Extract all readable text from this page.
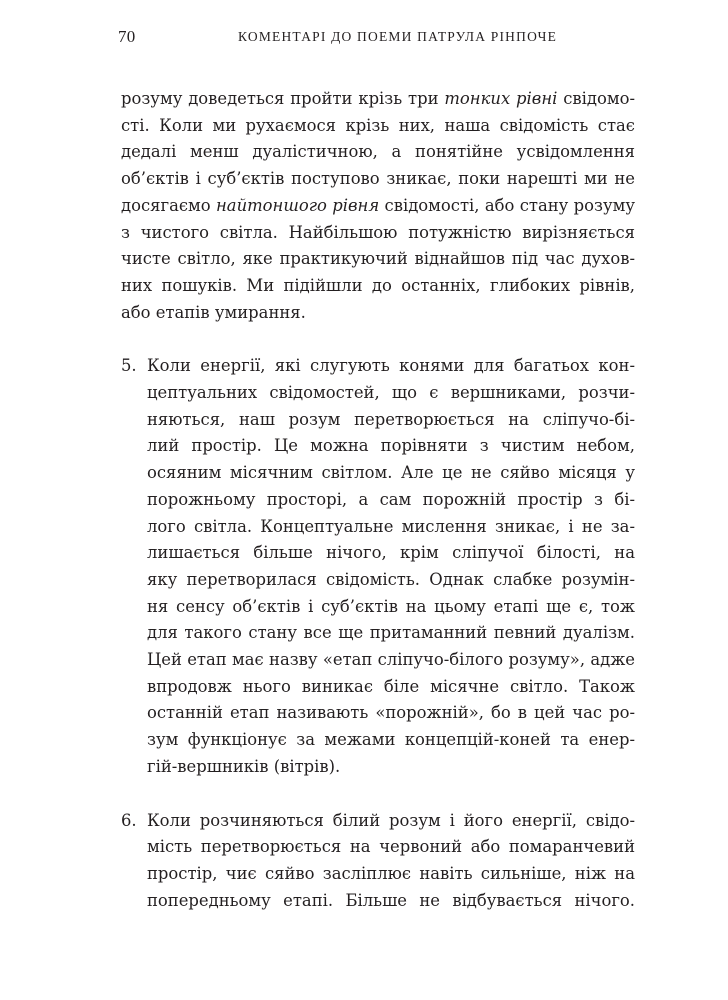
70	КОМЕНТАРІ ДО ПОЕМИ ПАТРУЛА РІНПОЧЕ
розуму доведеться пройти крізь три тонких рівні свідомо-
сті. Коли ми рухаємося крізь них, наша свідомість стає
дедалі менш дуалістичною, а понятійне усвідомлення
об’єктів і суб’єктів поступово зникає, поки нарешті ми не
досягаємо найтоншого рівня свідомості, або стану розуму
з чистого світла. Найбільшою потужністю вирізняється
чисте світло, яке практикуючий віднайшов під час духов-
них пошуків. Ми підійшли до останніх, глибоких рівнів,
або етапів умирання.
5. Коли енергії, які слугують конями для багатьох кон-
цептуальних свідомостей, що є вершниками, розчи-
няються, наш розум перетворюється на сліпучо-бі-
лий простір. Це можна порівняти з чистим небом,
осяяним місячним світлом. Але це не сяйво місяця у
порожньому просторі, а сам порожній простір з бі-
лого світла. Концептуальне мислення зникає, і не за-
лишається більше нічого, крім сліпучої білості, на
яку перетворилася свідомість. Однак слабке розумін-
ня сенсу об’єктів і суб’єктів на цьому етапі ще є, тож
для такого стану все ще притаманний певний дуалізм.
Цей етап має назву «етап сліпучо-білого розуму», адже
впродовж нього виникає біле місячне світло. Також
останній етап називають «порожній», бо в цей час ро-
зум функціонує за межами концепцій-коней та енер-
гій-вершників (вітрів).
6. Коли розчиняються білий розум і його енергії, свідо-
мість перетворюється на червоний або помаранчевий
простір, чиє сяйво засліплює навіть сильніше, ніж на
попередньому етапі. Більше не відбувається нічого.
